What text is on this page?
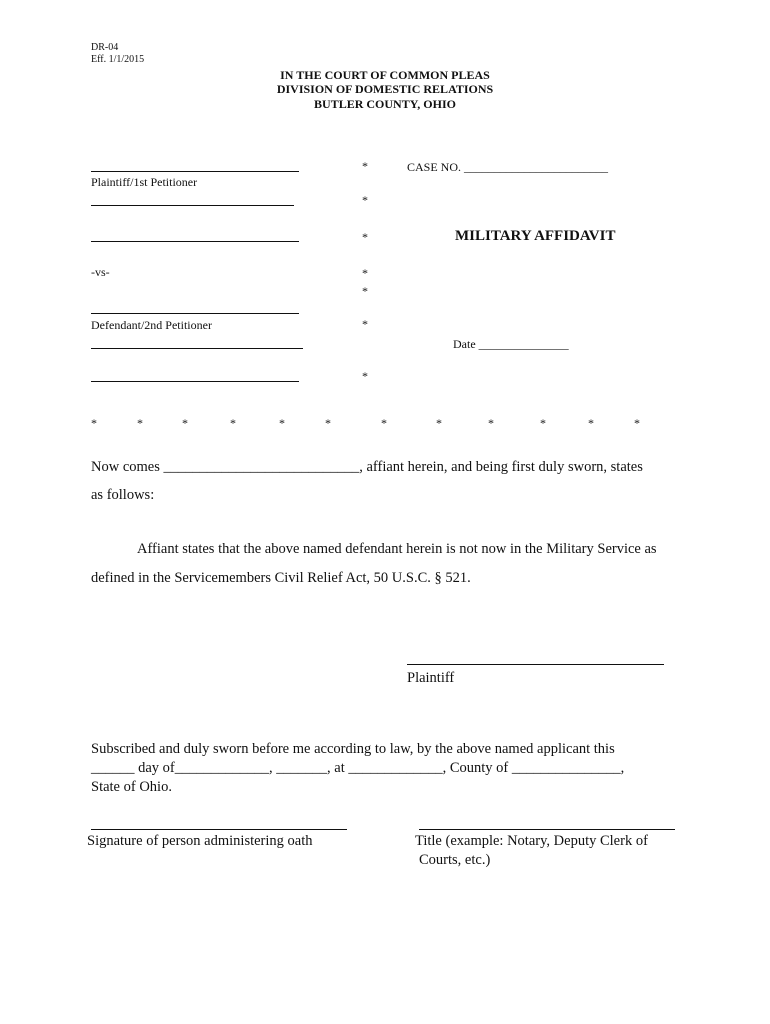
DR-04
Eff. 1/1/2015
IN THE COURT OF COMMON PLEAS
DIVISION OF DOMESTIC RELATIONS
BUTLER COUNTY, OHIO
Plaintiff/1st Petitioner
-vs-
Defendant/2nd Petitioner
*
*
*
*
*
*
*
CASE NO. ________________________
MILITARY AFFIDAVIT
Date _______________
*	*	*	*	*	*	*	*	*	*	*	*
Now comes ___________________________, affiant herein, and being first duly sworn, states
as follows:
Affiant states that the above named defendant herein is not now in the Military Service as
defined in the Servicemembers Civil Relief Act, 50 U.S.C. § 521.
Plaintiff
Subscribed and duly sworn before me according to law, by the above named applicant this
______ day of_____________, _______, at _____________, County of _______________,
State of Ohio.
Signature of person administering oath	Title (example: Notary, Deputy Clerk of
Courts, etc.)
